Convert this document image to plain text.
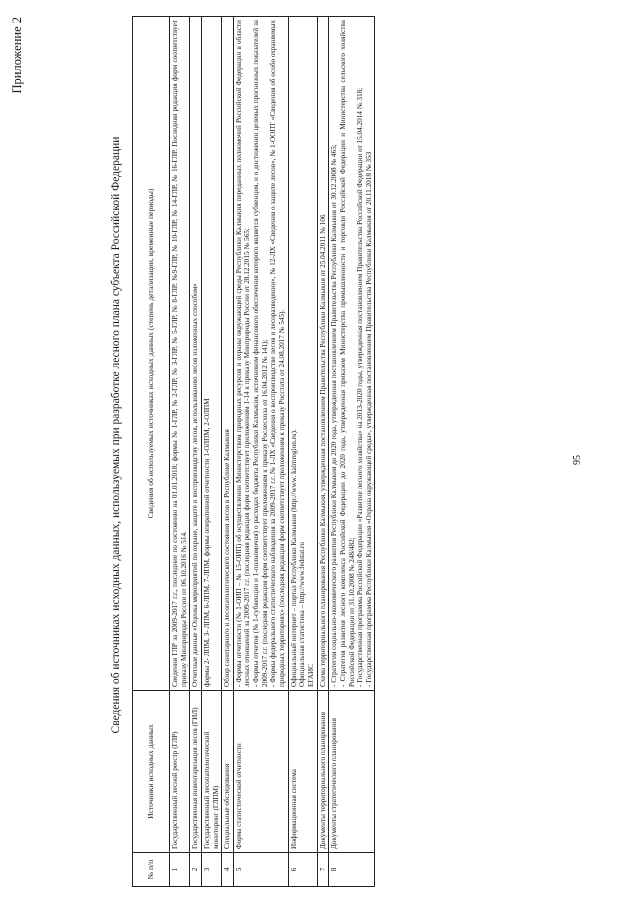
Приложение 2
Сведения об источниках исходных данных, используемых при разработке лесного плана субъекта Российской Федерации
№ п/п	Источники исходных данных	Сведения об используемых источниках исходных данных (степень детализации, временные периоды)
1	Государственный лесной реестр (ГЛР)	Сведения ГЛР за 2009-2017 г.г., последние по состоянию на 01.01.2018; формы № 1-ГЛР, № 2-ГЛР, № 3-ГЛР, № 5-ГЛР, № 8-ГЛР, №9-ГЛР, № 10-ГЛР, № 14-ГЛР, № 16-ГЛР. Последняя редакция форм соответствует приказу Минприроды России от 06.10.2016 № 514.

2	Государственная инвентаризация лесов (ГИЛ)	Отчетные данные «Оценка мероприятий по охране, защите и воспроизводству лесов, использованию лесов изложенных способом»

3	Государственный лесопатологический мониторинг (ГЛПМ)	формы 2- ЛПМ, 3- ЛПМ, 6-ЛПМ, 7-ЛПМ, формы оперативной отчетности 1-ОЛПМ, 2-ОЛПМ

4	Специальные обследования	Обзор санитарного и лесопатологического состояния лесов в Республике Калмыкия

5	Форма статистической отчетности	- Формы отчетности (№ 1-ОИП – № 15-ОИП) об осуществлении Министерством природных ресурсов и охраны окружающей среды Республики Калмыкия переданных полномочий Российской Федерации в области лесных отношений за 2009-2017 г.г. (последняя редакция форм соответствует приложениям 1-14 к приказу Минприроды России от 28.12.2015 № 565; - Формы отчетов (№ 1-субвенции и 1-полномочия) о расходах бюджета Республики Калмыкия, источником финансового обеспечения которого является субвенция, и о достижении целевых прогнозных показателей за 2009-2017 г.г. (последняя редакция форм соответствует приложениям к приказу Рослесхоза от 16.04.2012 № 141); - Формы федерального статистического наблюдения за 2009-2017 г.г. № 1-ЛХ «Сведения о воспроизводстве лесов и лесоразведении», № 12-ЛХ «Сведения о защите лесов», № 1-ООПТ «Сведения об особо охраняемых природных территориях» (последняя редакция форм соответствует приложениям к приказу Росстата от 24.08.2017 № 545).

6	Информационная система	Официальный интернет – портал Республики Калмыкия (http://www. kalmregion.ru). Официальная статистика – http://www.fedstat.ru ЕГАИС

7	Документы территориального планирования	Схема территориального планирования Республики Калмыкия, утвержденная постановлением Правительства Республики Калмыкия от 25.04.2011 № 106

8	Документы стратегического планирования	- Стратегия социально-экономического развития Республики Калмыкия до 2020 года, утвержденная постановлением Правительства Республики Калмыкия от 30.12.2008 № 465; - Стратегия развития лесного комплекса Российской Федерации до 2020 года, утвержденная приказом Министерства промышленности и торговли Российской Федерации и Министерства сельского хозяйства Российской Федерации от 31.10.2008 № 248/482; - Государственная программа Российской Федерации «Развитие лесного хозяйства» на 2013-2020 годы, утвержденная постановлением Правительства Российской Федерации от 15.04.2014 № 318; - Государственная программа Республики Калмыкия «Охрана окружающей среды», утвержденная постановлением Правительства Республики Калмыкия от 20.11.2018 № 353	95
